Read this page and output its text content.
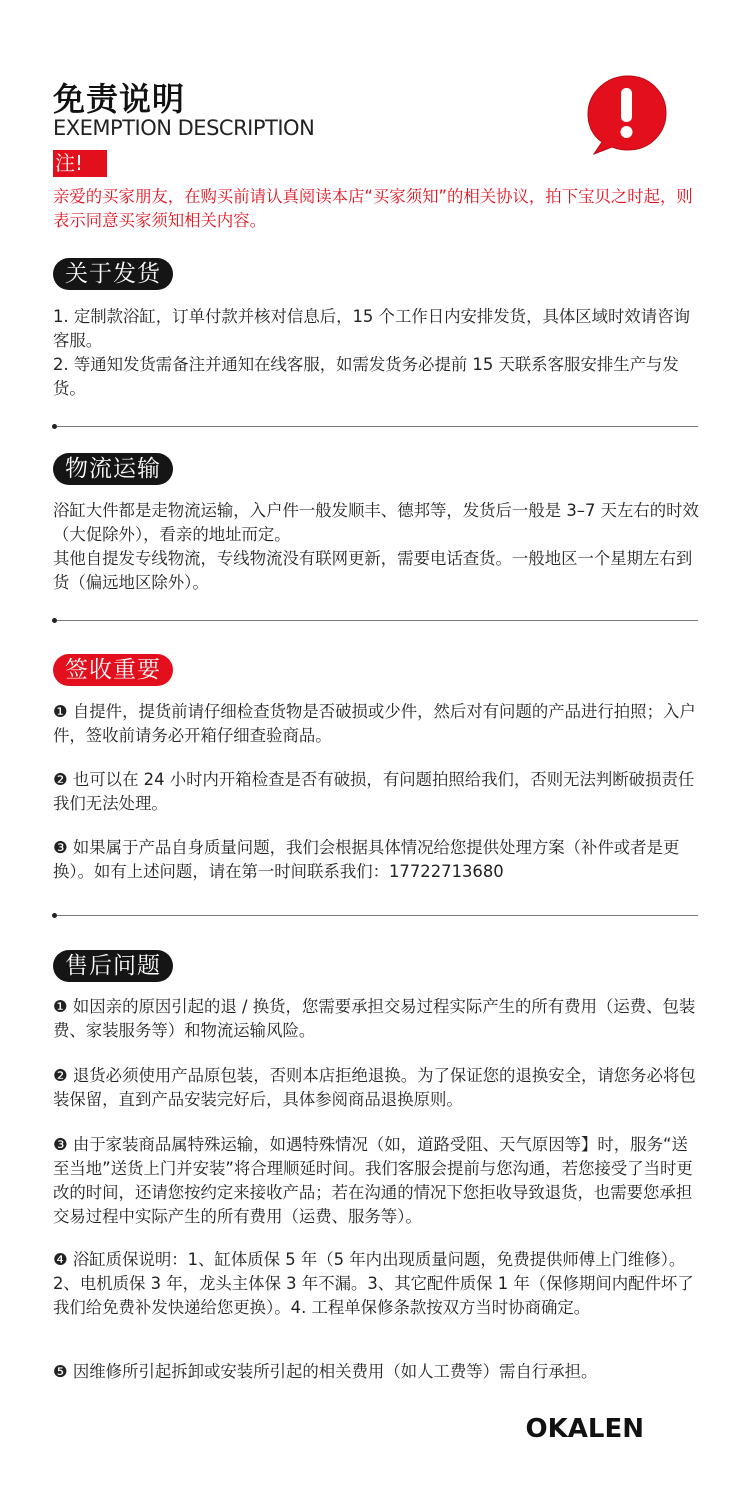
免责说明
EXEMPTION DESCRIPTION
注!
亲爱的买家朋友，在购买前请认真阅读本店“买家须知”的相关协议，拍下宝贝之时起，则表示同意买家须知相关内容。
关于发货

1. 定制款浴缸，订单付款并核对信息后，15 个工作日内安排发货，具体区域时效请咨询客服。

2. 等通知发货需备注并通知在线客服，如需发货务必提前 15 天联系客服安排生产与发货。

物流运输

浴缸大件都是走物流运输，入户件一般发顺丰、德邦等，发货后一般是 3–7 天左右的时效（大促除外），看亲的地址而定。

其他自提发专线物流，专线物流没有联网更新，需要电话查货。一般地区一个星期左右到货（偏远地区除外）。

签收重要
❶ 自提件，提货前请仔细检查货物是否破损或少件，然后对有问题的产品进行拍照；入户件，签收前请务必开箱仔细查验商品。
❷ 也可以在 24 小时内开箱检查是否有破损，有问题拍照给我们，否则无法判断破损责任我们无法处理。
❸ 如果属于产品自身质量问题，我们会根据具体情况给您提供处理方案（补件或者是更换）。如有上述问题，请在第一时间联系我们：17722713680
售后问题
❶ 如因亲的原因引起的退 / 换货，您需要承担交易过程实际产生的所有费用（运费、包装费、家装服务等）和物流运输风险。
❷ 退货必须使用产品原包装，否则本店拒绝退换。为了保证您的退换安全，请您务必将包装保留，直到产品安装完好后，具体参阅商品退换原则。
❸ 由于家装商品属特殊运输，如遇特殊情况（如，道路受阻、天气原因等】时，服务“送至当地”送货上门并安装”将合理顺延时间。我们客服会提前与您沟通，若您接受了当时更改的时间，还请您按约定来接收产品；若在沟通的情况下您拒收导致退货，也需要您承担交易过程中实际产生的所有费用（运费、服务等）。
❹ 浴缸质保说明：1、缸体质保 5 年（5 年内出现质量问题，免费提供师傅上门维修）。2、电机质保 3 年，龙头主体保 3 年不漏。3、其它配件质保 1 年（保修期间内配件坏了我们给免费补发快递给您更换）。4. 工程单保修条款按双方当时协商确定。
❺ 因维修所引起拆卸或安装所引起的相关费用（如人工费等）需自行承担。
OKALEN
